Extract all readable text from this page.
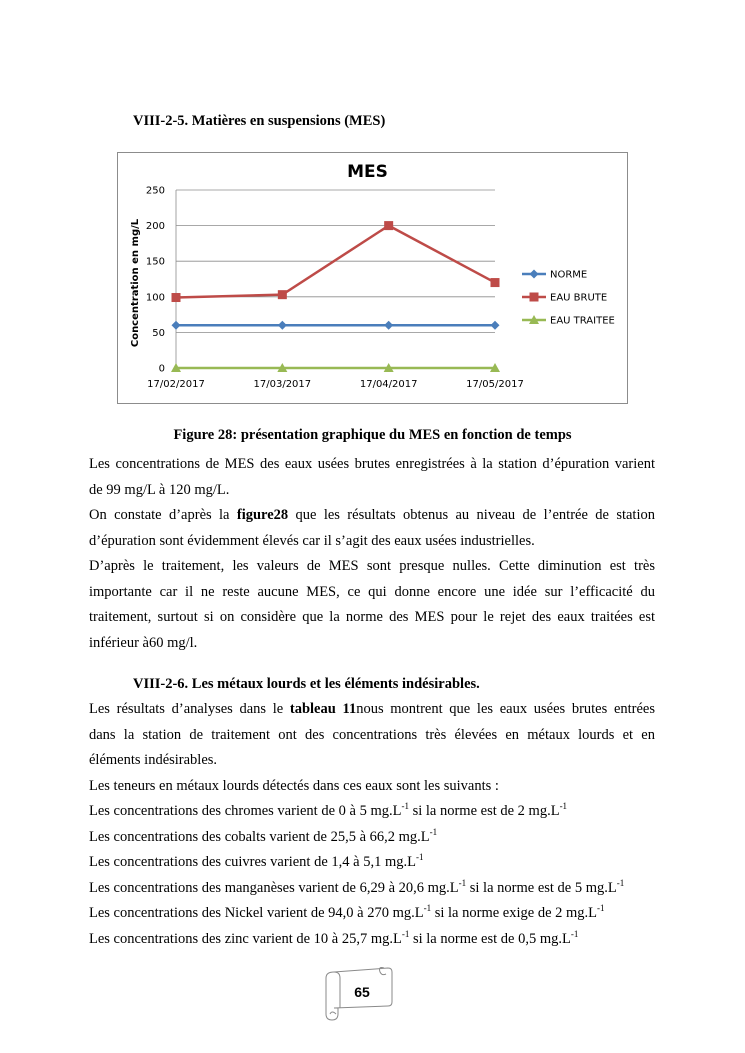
VIII-2-5. Matières en suspensions (MES)
MES
0
50
100
150
200
250
17/02/2017	17/03/2017	17/04/2017	17/05/2017
Concentration en mg/L	NORME
EAU BRUTE
EAU TRAITEE
Figure 28: présentation graphique du MES en fonction de temps
Les concentrations de MES des eaux usées brutes enregistrées à la station d’épuration varient
de 99 mg/L à 120 mg/L.
On constate d’après la figure28 que les résultats obtenus au niveau de l’entrée de station
d’épuration sont évidemment élevés car il s’agit des eaux usées industrielles.
D’après le traitement, les valeurs de MES sont presque nulles. Cette diminution est très
importante car il ne reste aucune MES, ce qui donne encore une idée sur l’efficacité du
traitement, surtout si on considère que la norme des MES pour le rejet des eaux traitées est
inférieur à60 mg/l.
VIII-2-6. Les métaux lourds et les éléments indésirables.
Les résultats d’analyses dans le tableau 11nous montrent que les eaux usées brutes entrées
dans la station de traitement ont des concentrations très élevées en métaux lourds et en
éléments indésirables.
Les teneurs en métaux lourds détectés dans ces eaux sont les suivants :
Les concentrations des chromes varient de 0 à 5 $mg.L^{-1}$ si la norme est de 2 $mg.L^{-1}$
Les concentrations des cobalts varient de 25,5 à 66,2 $mg.L^{-1}$
Les concentrations des cuivres varient de 1,4 à 5,1 $mg.L^{-1}$
Les concentrations des manganèses varient de 6,29 à 20,6 $mg.L^{-1}$ si la norme est de 5 $mg.L^{-1}$
Les concentrations des Nickel varient de 94,0 à 270 $mg.L^{-1}$ si la norme exige de 2 $mg.L^{-1}$
Les concentrations des zinc varient de 10 à 25,7 $mg.L^{-1}$ si la norme est de 0,5 $mg.L^{-1}$
65
